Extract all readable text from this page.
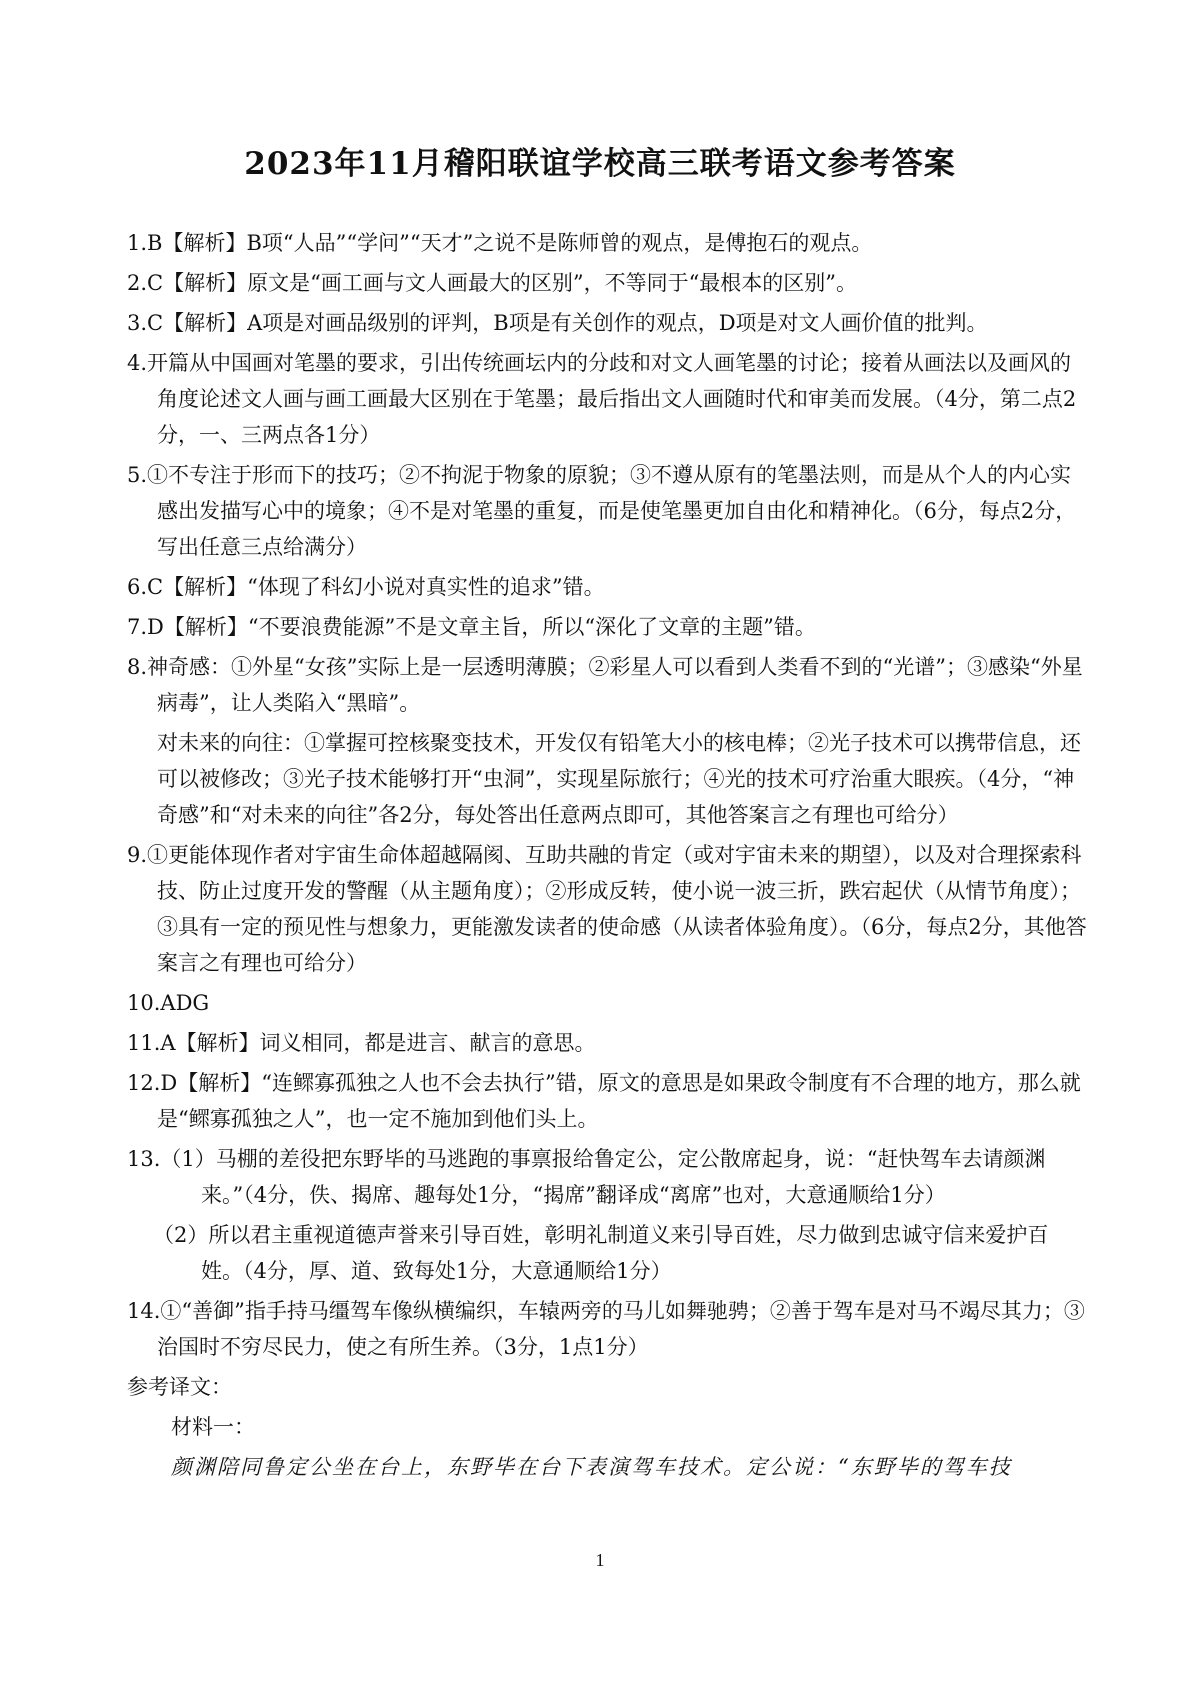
2023年11月稽阳联谊学校高三联考语文参考答案

1.B【解析】B项“人品”“学问”“天才”之说不是陈师曾的观点，是傅抱石的观点。

2.C【解析】原文是“画工画与文人画最大的区别”，不等同于“最根本的区别”。

3.C【解析】A项是对画品级别的评判，B项是有关创作的观点，D项是对文人画价值的批判。

4.开篇从中国画对笔墨的要求，引出传统画坛内的分歧和对文人画笔墨的讨论；接着从画法以及画风的角度论述文人画与画工画最大区别在于笔墨；最后指出文人画随时代和审美而发展。（4分，第二点2分，一、三两点各1分）

5.①不专注于形而下的技巧；②不拘泥于物象的原貌；③不遵从原有的笔墨法则，而是从个人的内心实感出发描写心中的境象；④不是对笔墨的重复，而是使笔墨更加自由化和精神化。（6分，每点2分，写出任意三点给满分）

6.C【解析】“体现了科幻小说对真实性的追求”错。

7.D【解析】“不要浪费能源”不是文章主旨，所以“深化了文章的主题”错。

8.神奇感：①外星“女孩”实际上是一层透明薄膜；②彩星人可以看到人类看不到的“光谱”；③感染“外星病毒”，让人类陷入“黑暗”。

对未来的向往：①掌握可控核聚变技术，开发仅有铅笔大小的核电棒；②光子技术可以携带信息，还可以被修改；③光子技术能够打开“虫洞”，实现星际旅行；④光的技术可疗治重大眼疾。（4分，“神奇感”和“对未来的向往”各2分，每处答出任意两点即可，其他答案言之有理也可给分）

9.①更能体现作者对宇宙生命体超越隔阂、互助共融的肯定（或对宇宙未来的期望），以及对合理探索科技、防止过度开发的警醒（从主题角度）；②形成反转，使小说一波三折，跌宕起伏（从情节角度）；③具有一定的预见性与想象力，更能激发读者的使命感（从读者体验角度）。（6分，每点2分，其他答案言之有理也可给分）

10.ADG

11.A【解析】词义相同，都是进言、献言的意思。

12.D【解析】“连鳏寡孤独之人也不会去执行”错，原文的意思是如果政令制度有不合理的地方，那么就是“鳏寡孤独之人”，也一定不施加到他们头上。

13.（1）马棚的差役把东野毕的马逃跑的事禀报给鲁定公，定公散席起身，说：“赶快驾车去请颜渊来。”（4分，佚、揭席、趣每处1分，“揭席”翻译成“离席”也对，大意通顺给1分）

（2）所以君主重视道德声誉来引导百姓，彰明礼制道义来引导百姓，尽力做到忠诚守信来爱护百姓。（4分，厚、道、致每处1分，大意通顺给1分）

14.①“善御”指手持马缰驾车像纵横编织，车辕两旁的马儿如舞驰骋；②善于驾车是对马不竭尽其力；③治国时不穷尽民力，使之有所生养。（3分，1点1分）

参考译文：

材料一：

颜渊陪同鲁定公坐在台上，东野毕在台下表演驾车技术。定公说：“东野毕的驾车技
1
